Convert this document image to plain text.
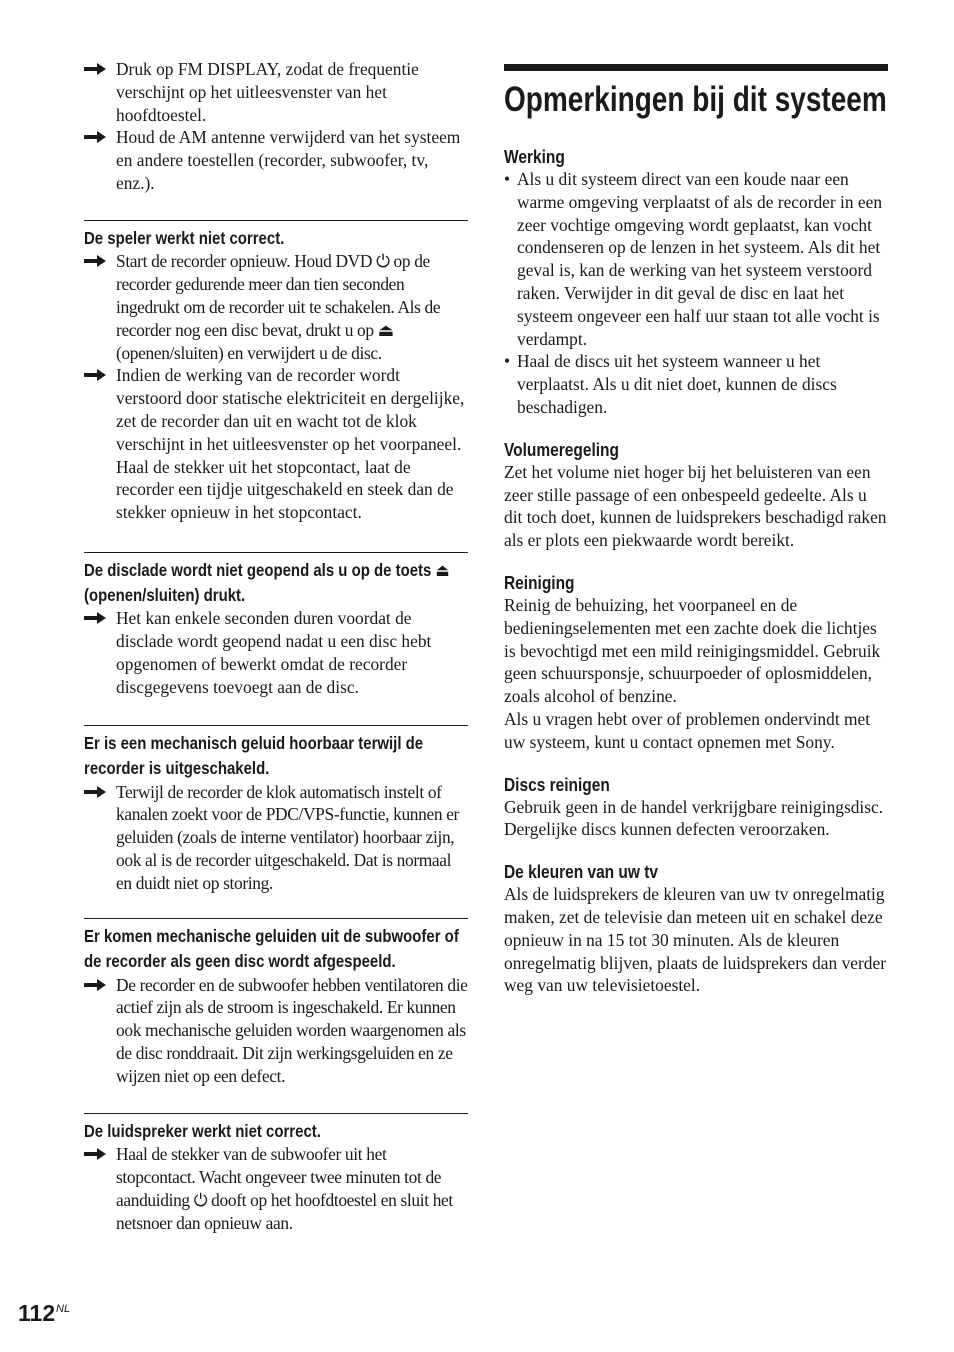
Druk op FM DISPLAY, zodat de frequentie verschijnt op het uitleesvenster van het hoofdtoestel.
Houd de AM antenne verwijderd van het systeem en andere toestellen (recorder, subwoofer, tv, enz.).
De speler werkt niet correct.
Start de recorder opnieuw. Houd DVD ⏻ op de recorder gedurende meer dan tien seconden ingedrukt om de recorder uit te schakelen. Als de recorder nog een disc bevat, drukt u op ⏏ (openen/sluiten) en verwijdert u de disc.
Indien de werking van de recorder wordt verstoord door statische elektriciteit en dergelijke, zet de recorder dan uit en wacht tot de klok verschijnt in het uitleesvenster op het voorpaneel. Haal de stekker uit het stopcontact, laat de recorder een tijdje uitgeschakeld en steek dan de stekker opnieuw in het stopcontact.
De disclade wordt niet geopend als u op de toets ⏏ (openen/sluiten) drukt.
Het kan enkele seconden duren voordat de disclade wordt geopend nadat u een disc hebt opgenomen of bewerkt omdat de recorder discgegevens toevoegt aan de disc.
Er is een mechanisch geluid hoorbaar terwijl de recorder is uitgeschakeld.
Terwijl de recorder de klok automatisch instelt of kanalen zoekt voor de PDC/VPS-functie, kunnen er geluiden (zoals de interne ventilator) hoorbaar zijn, ook al is de recorder uitgeschakeld. Dat is normaal en duidt niet op storing.
Er komen mechanische geluiden uit de subwoofer of de recorder als geen disc wordt afgespeeld.
De recorder en de subwoofer hebben ventilatoren die actief zijn als de stroom is ingeschakeld. Er kunnen ook mechanische geluiden worden waargenomen als de disc ronddraait. Dit zijn werkingsgeluiden en ze wijzen niet op een defect.
De luidspreker werkt niet correct.
Haal de stekker van de subwoofer uit het stopcontact. Wacht ongeveer twee minuten tot de aanduiding ⏻ dooft op het hoofdtoestel en sluit het netsnoer dan opnieuw aan.
Opmerkingen bij dit systeem
Werking
• Als u dit systeem direct van een koude naar een warme omgeving verplaatst of als de recorder in een zeer vochtige omgeving wordt geplaatst, kan vocht condenseren op de lenzen in het systeem. Als dit het geval is, kan de werking van het systeem verstoord raken. Verwijder in dit geval de disc en laat het systeem ongeveer een half uur staan tot alle vocht is verdampt.
• Haal de discs uit het systeem wanneer u het verplaatst. Als u dit niet doet, kunnen de discs beschadigen.
Volumeregeling
Zet het volume niet hoger bij het beluisteren van een zeer stille passage of een onbespeeld gedeelte. Als u dit toch doet, kunnen de luidsprekers beschadigd raken als er plots een piekwaarde wordt bereikt.
Reiniging
Reinig de behuizing, het voorpaneel en de bedieningselementen met een zachte doek die lichtjes is bevochtigd met een mild reinigingsmiddel. Gebruik geen schuursponsje, schuurpoeder of oplosmiddelen, zoals alcohol of benzine.
Als u vragen hebt over of problemen ondervindt met uw systeem, kunt u contact opnemen met Sony.
Discs reinigen
Gebruik geen in de handel verkrijgbare reinigingsdisc. Dergelijke discs kunnen defecten veroorzaken.
De kleuren van uw tv
Als de luidsprekers de kleuren van uw tv onregelmatig maken, zet de televisie dan meteen uit en schakel deze opnieuw in na 15 tot 30 minuten. Als de kleuren onregelmatig blijven, plaats de luidsprekers dan verder weg van uw televisietoestel.
112 NL
